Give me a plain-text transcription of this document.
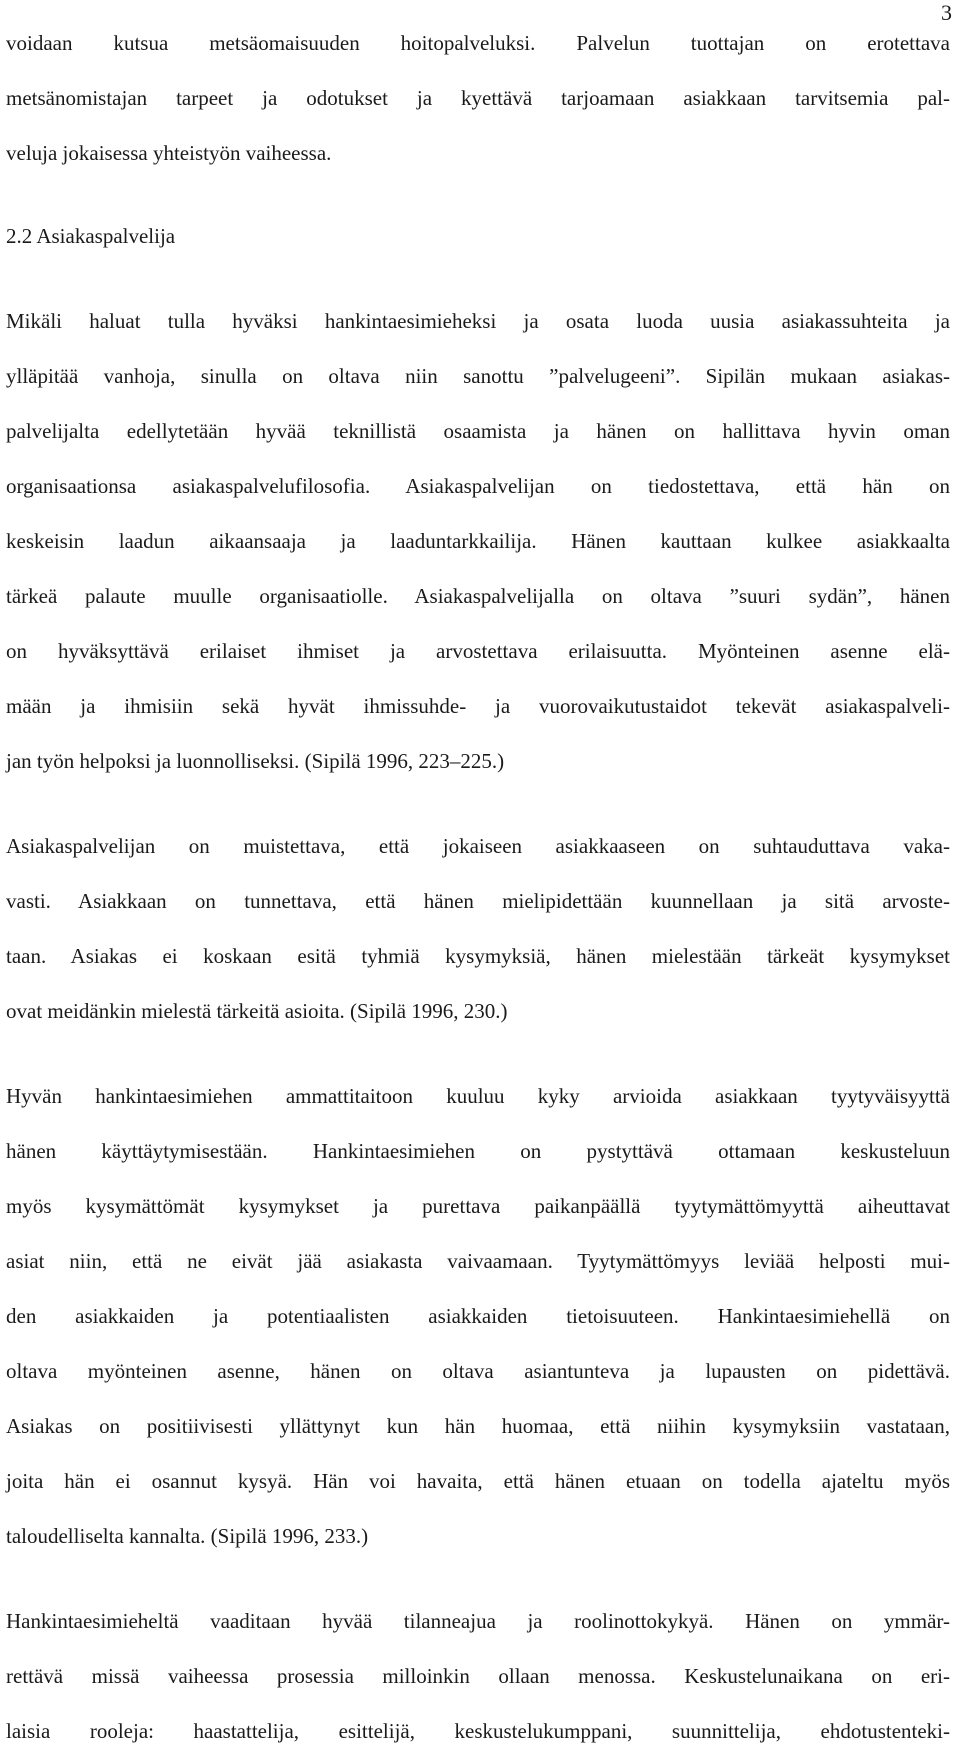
3
voidaan kutsua metsäomaisuuden hoitopalveluksi. Palvelun tuottajan on erotettava
metsänomistajan tarpeet ja odotukset ja kyettävä tarjoamaan asiakkaan tarvitsemia pal-
veluja jokaisessa yhteistyön vaiheessa.
2.2 Asiakaspalvelija
Mikäli haluat tulla hyväksi hankintaesimieheksi ja osata luoda uusia asiakassuhteita ja
ylläpitää vanhoja, sinulla on oltava niin sanottu ”palvelugeeni”. Sipilän mukaan asiakas-
palvelijalta edellytetään hyvää teknillistä osaamista ja hänen on hallittava hyvin oman
organisaationsa asiakaspalvelufilosofia. Asiakaspalvelijan on tiedostettava, että hän on
keskeisin laadun aikaansaaja ja laaduntarkkailija. Hänen kauttaan kulkee asiakkaalta
tärkeä palaute muulle organisaatiolle. Asiakaspalvelijalla on oltava ”suuri sydän”, hänen
on hyväksyttävä erilaiset ihmiset ja arvostettava erilaisuutta. Myönteinen asenne elä-
mään ja ihmisiin sekä hyvät ihmissuhde- ja vuorovaikutustaidot tekevät asiakaspalveli-
jan työn helpoksi ja luonnolliseksi. (Sipilä 1996, 223–225.)
Asiakaspalvelijan on muistettava, että jokaiseen asiakkaaseen on suhtauduttava vaka-
vasti. Asiakkaan on tunnettava, että hänen mielipidettään kuunnellaan ja sitä arvoste-
taan. Asiakas ei koskaan esitä tyhmiä kysymyksiä, hänen mielestään tärkeät kysymykset
ovat meidänkin mielestä tärkeitä asioita. (Sipilä 1996, 230.)
Hyvän hankintaesimiehen ammattitaitoon kuuluu kyky arvioida asiakkaan tyytyväisyyttä
hänen käyttäytymisestään. Hankintaesimiehen on pystyttävä ottamaan keskusteluun
myös kysymättömät kysymykset ja purettava paikanpäällä tyytymättömyyttä aiheuttavat
asiat niin, että ne eivät jää asiakasta vaivaamaan. Tyytymättömyys leviää helposti mui-
den asiakkaiden ja potentiaalisten asiakkaiden tietoisuuteen. Hankintaesimiehellä on
oltava myönteinen asenne, hänen on oltava asiantunteva ja lupausten on pidettävä.
Asiakas on positiivisesti yllättynyt kun hän huomaa, että niihin kysymyksiin vastataan,
joita hän ei osannut kysyä. Hän voi havaita, että hänen etuaan on todella ajateltu myös
taloudelliselta kannalta. (Sipilä 1996, 233.)
Hankintaesimieheltä vaaditaan hyvää tilanneajua ja roolinottokykyä. Hänen on ymmär-
rettävä missä vaiheessa prosessia milloinkin ollaan menossa. Keskustelunaikana on eri-
laisia rooleja: haastattelija, esittelijä, keskustelukumppani, suunnittelija, ehdotustenteki-
